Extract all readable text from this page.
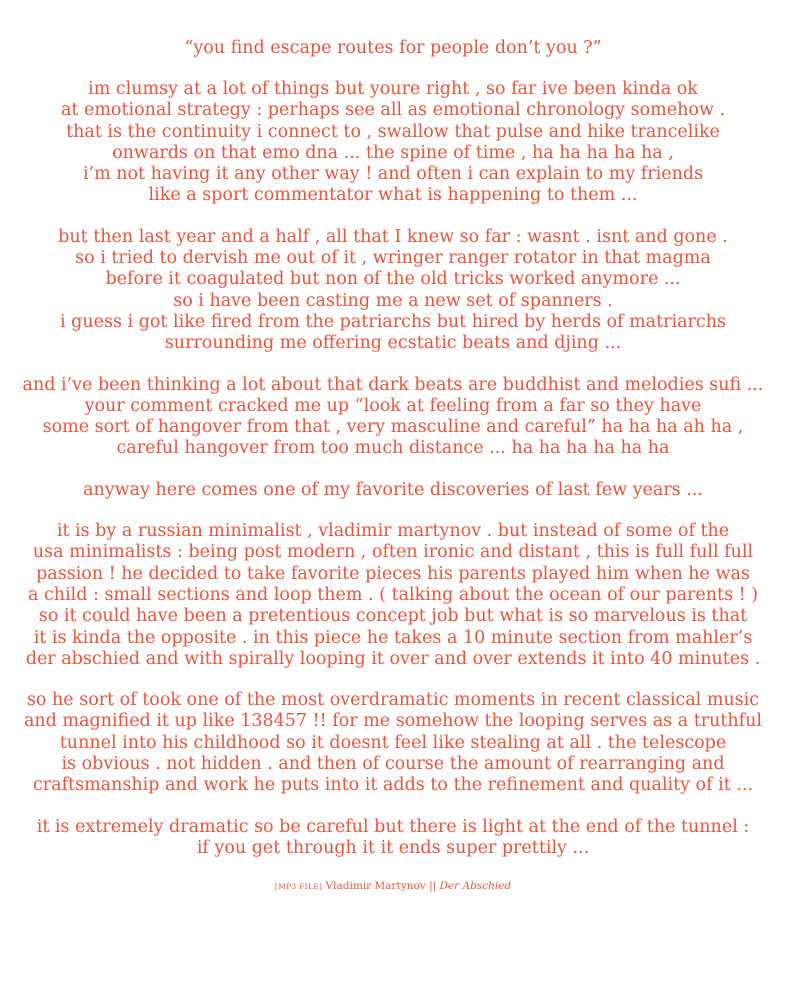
“you find escape routes for people don’t you ?”
im clumsy at a lot of things but youre right , so far ive been kinda ok
at emotional strategy : perhaps see all as emotional chronology somehow .
that is the continuity i connect to , swallow that pulse and hike trancelike
onwards on that emo dna ... the spine of time , ha ha ha ha ha ,
i’m not having it any other way ! and often i can explain to my friends
like a sport commentator what is happening to them ...
but then last year and a half , all that I knew so far : wasnt . isnt and gone .
so i tried to dervish me out of it , wringer ranger rotator in that magma
before it coagulated but non of the old tricks worked anymore ...
so i have been casting me a new set of spanners .
i guess i got like fired from the patriarchs but hired by herds of matriarchs
surrounding me offering ecstatic beats and djing ...
and i’ve been thinking a lot about that dark beats are buddhist and melodies sufi ...
your comment cracked me up “look at feeling from a far so they have
some sort of hangover from that , very masculine and careful” ha ha ha ah ha ,
careful hangover from too much distance ... ha ha ha ha ha ha
anyway here comes one of my favorite discoveries of last few years ...
it is by a russian minimalist , vladimir martynov . but instead of some of the
usa minimalists : being post modern , often ironic and distant , this is full full full
passion ! he decided to take favorite pieces his parents played him when he was
a child : small sections and loop them . ( talking about the ocean of our parents ! )
so it could have been a pretentious concept job but what is so marvelous is that
it is kinda the opposite . in this piece he takes a 10 minute section from mahler’s
der abschied and with spirally looping it over and over extends it into 40 minutes .
so he sort of took one of the most overdramatic moments in recent classical music
and magnified it up like 138457 !! for me somehow the looping serves as a truthful
tunnel into his childhood so it doesnt feel like stealing at all . the telescope
is obvious . not hidden . and then of course the amount of rearranging and
craftsmanship and work he puts into it adds to the refinement and quality of it ...
it is extremely dramatic so be careful but there is light at the end of the tunnel :
if you get through it it ends super prettily ...
[MP3 FILE] Vladimir Martynov || Der Abschied
